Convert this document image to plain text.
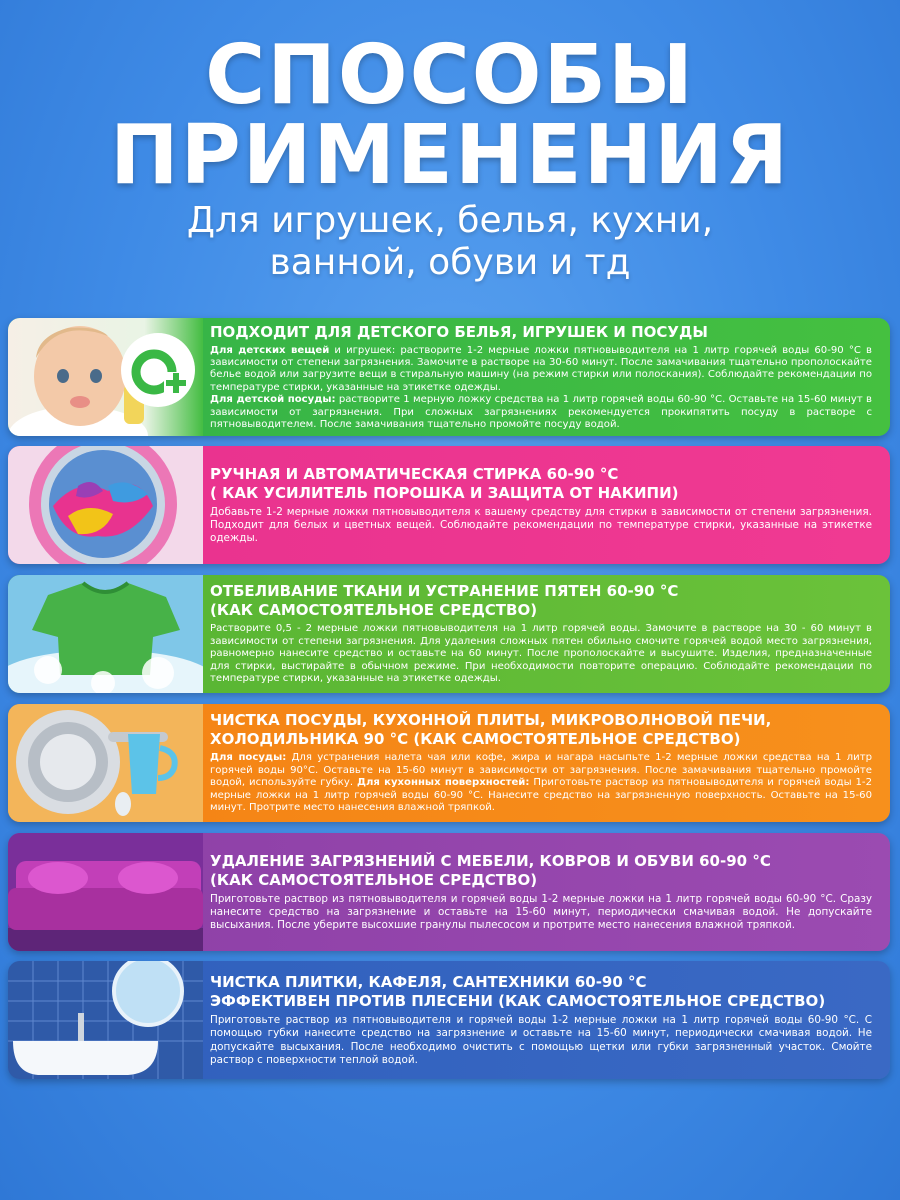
СПОСОБЫ
ПРИМЕНЕНИЯ
Для игрушек, белья, кухни,
ванной, обуви и тд
ПОДХОДИТ ДЛЯ ДЕТСКОГО БЕЛЬЯ, ИГРУШЕК И ПОСУДЫ
Для детских вещей и игрушек: растворите 1-2 мерные ложки пятновыводителя на 1 литр горячей воды 60-90 °C в зависимости от степени загрязнения. Замочите в растворе на 30-60 минут. После замачивания тщательно прополоскайте белье водой или загрузите вещи в стиральную машину (на режим стирки или полоскания). Соблюдайте рекомендации по температуре стирки, указанные на этикетке одежды.
Для детской посуды: растворите 1 мерную ложку средства на 1 литр горячей воды 60-90 °C. Оставьте на 15-60 минут в зависимости от загрязнения. При сложных загрязнениях рекомендуется прокипятить посуду в растворе с пятновыводителем. После замачивания тщательно промойте посуду водой.
РУЧНАЯ И АВТОМАТИЧЕСКАЯ СТИРКА 60-90 °C
( КАК УСИЛИТЕЛЬ ПОРОШКА И ЗАЩИТА ОТ НАКИПИ)
Добавьте 1-2 мерные ложки пятновыводителя к вашему средству для стирки в зависимости от степени загрязнения. Подходит для белых и цветных вещей. Соблюдайте рекомендации по температуре стирки, указанные на этикетке одежды.
ОТБЕЛИВАНИЕ ТКАНИ И УСТРАНЕНИЕ ПЯТЕН 60-90 °C
(КАК САМОСТОЯТЕЛЬНОЕ СРЕДСТВО)
Растворите 0,5 - 2 мерные ложки пятновыводителя на 1 литр горячей воды. Замочите в растворе на 30 - 60 минут в зависимости от степени загрязнения. Для удаления сложных пятен обильно смочите горячей водой место загрязнения, равномерно нанесите средство и оставьте на 60 минут. После прополоскайте и высушите. Изделия, предназначенные для стирки, выстирайте в обычном режиме. При необходимости повторите операцию. Соблюдайте рекомендации по температуре стирки, указанные на этикетке одежды.
ЧИСТКА ПОСУДЫ, КУХОННОЙ ПЛИТЫ, МИКРОВОЛНОВОЙ ПЕЧИ,
ХОЛОДИЛЬНИКА 90 °C (КАК САМОСТОЯТЕЛЬНОЕ СРЕДСТВО)
Для посуды: Для устранения налета чая или кофе, жира и нагара насыпьте 1-2 мерные ложки средства на 1 литр горячей воды 90°C. Оставьте на 15-60 минут в зависимости от загрязнения. После замачивания тщательно промойте водой, используйте губку. Для кухонных поверхностей: Приготовьте раствор из пятновыводителя и горячей воды 1-2 мерные ложки на 1 литр горячей воды 60-90 °C. Нанесите средство на загрязненную поверхность. Оставьте на 15-60 минут. Протрите место нанесения влажной тряпкой.
УДАЛЕНИЕ ЗАГРЯЗНЕНИЙ С МЕБЕЛИ, КОВРОВ И ОБУВИ 60-90 °C
(КАК САМОСТОЯТЕЛЬНОЕ СРЕДСТВО)
Приготовьте раствор из пятновыводителя и горячей воды 1-2 мерные ложки на 1 литр горячей воды 60-90 °C. Сразу нанесите средство на загрязнение и оставьте на 15-60 минут, периодически смачивая водой. Не допускайте высыхания. После уберите высохшие гранулы пылесосом и протрите место нанесения влажной тряпкой.
ЧИСТКА ПЛИТКИ, КАФЕЛЯ, САНТЕХНИКИ 60-90 °C
ЭФФЕКТИВЕН ПРОТИВ ПЛЕСЕНИ (КАК САМОСТОЯТЕЛЬНОЕ СРЕДСТВО)
Приготовьте раствор из пятновыводителя и горячей воды 1-2 мерные ложки на 1 литр горячей воды 60-90 °C. С помощью губки нанесите средство на загрязнение и оставьте на 15-60 минут, периодически смачивая водой. Не допускайте высыхания. После необходимо очистить с помощью щетки или губки загрязненный участок. Смойте раствор с поверхности теплой водой.
